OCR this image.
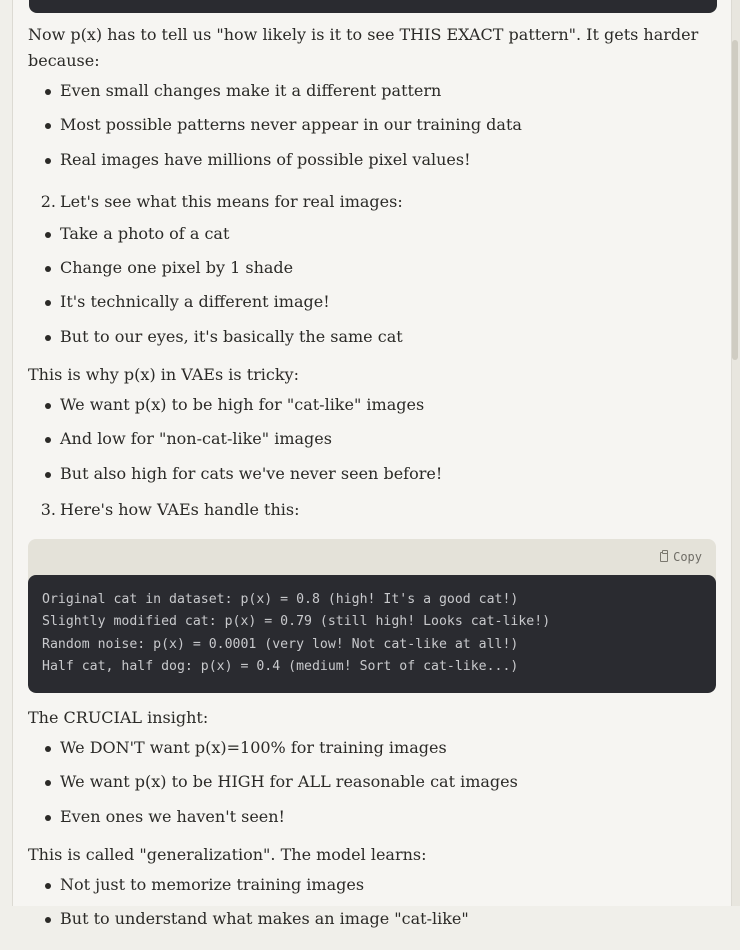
Now p(x) has to tell us "how likely is it to see THIS EXACT pattern". It gets harder because:

Even small changes make it a different pattern
Most possible patterns never appear in our training data
Real images have millions of possible pixel values!
2. Let's see what this means for real images:
Take a photo of a cat
Change one pixel by 1 shade
It's technically a different image!
But to our eyes, it's basically the same cat

This is why p(x) in VAEs is tricky:

We want p(x) to be high for "cat-like" images
And low for "non-cat-like" images
But also high for cats we've never seen before!
3. Here's how VAEs handle this:
Copy
Original cat in dataset: p(x) = 0.8 (high! It's a good cat!)
Slightly modified cat: p(x) = 0.79 (still high! Looks cat-like!)
Random noise: p(x) = 0.0001 (very low! Not cat-like at all!)
Half cat, half dog: p(x) = 0.4 (medium! Sort of cat-like...)

The CRUCIAL insight:

We DON'T want p(x)=100% for training images
We want p(x) to be HIGH for ALL reasonable cat images
Even ones we haven't seen!

This is called "generalization". The model learns:

Not just to memorize training images
But to understand what makes an image "cat-like"
